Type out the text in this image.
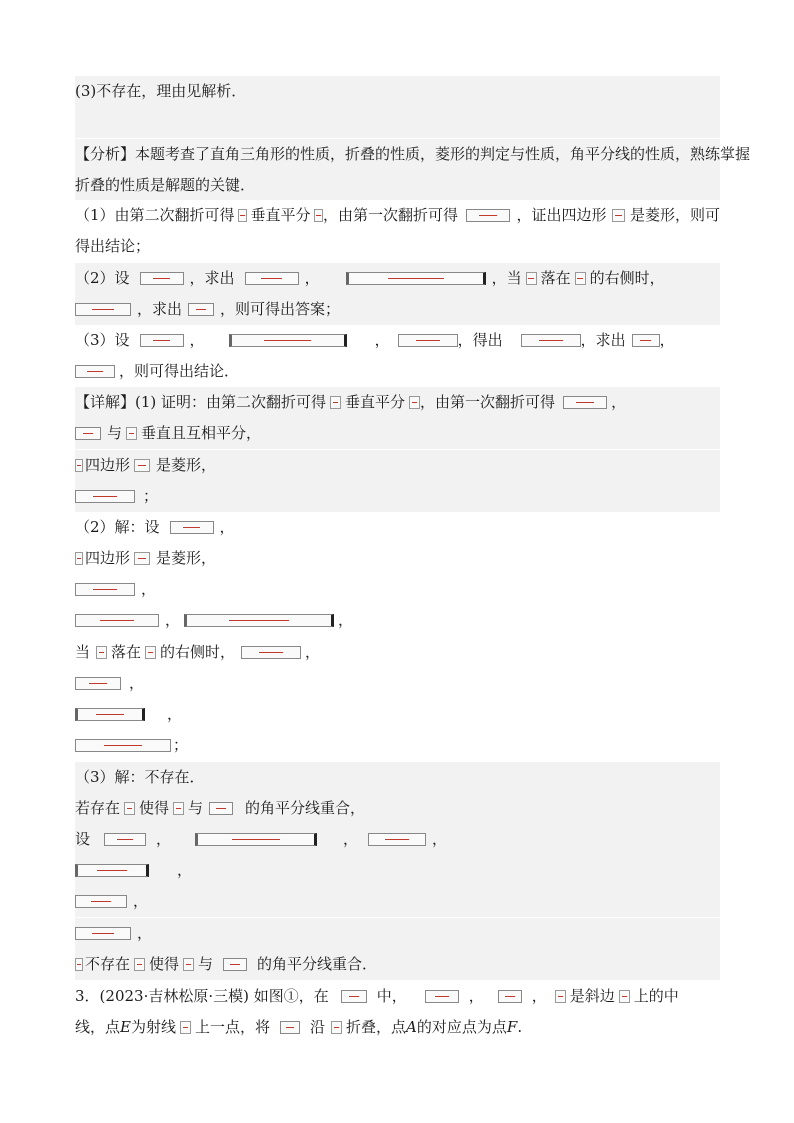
(3)不存在，理由见解析．
【分析】本题考查了直角三角形的性质，折叠的性质，菱形的判定与性质，角平分线的性质，熟练掌握
折叠的性质是解题的关键．
（1）由第二次翻折可得 垂直平分 ，由第一次翻折可得	，证出四边形 是菱形，则可
得出结论；
（2）设	，求出	，	，当 落在 的右侧时，
，求出	，则可得出答案；
（3）设	，	，	，得出	，求出 ，
，则可得出结论．
【详解】(1) 证明：由第二次翻折可得 垂直平分 ，由第一次翻折可得	，
与 垂直且互相平分，
四边形 是菱形，
；
（2）解：设	，
四边形 是菱形，
，
，	，
当 落在 的右侧时，	，
，
，
；
（3）解：不存在．
若存在 使得 与	的角平分线重合，
设	，	，	，
，
，
，
不存在 使得 与	的角平分线重合．
3．(2023·吉林松原·三模) 如图①，在	中，	，	， 是斜边 上的中
线，点 E 为射线 上一点，将	沿 折叠，点 A 的对应点为点 F .
